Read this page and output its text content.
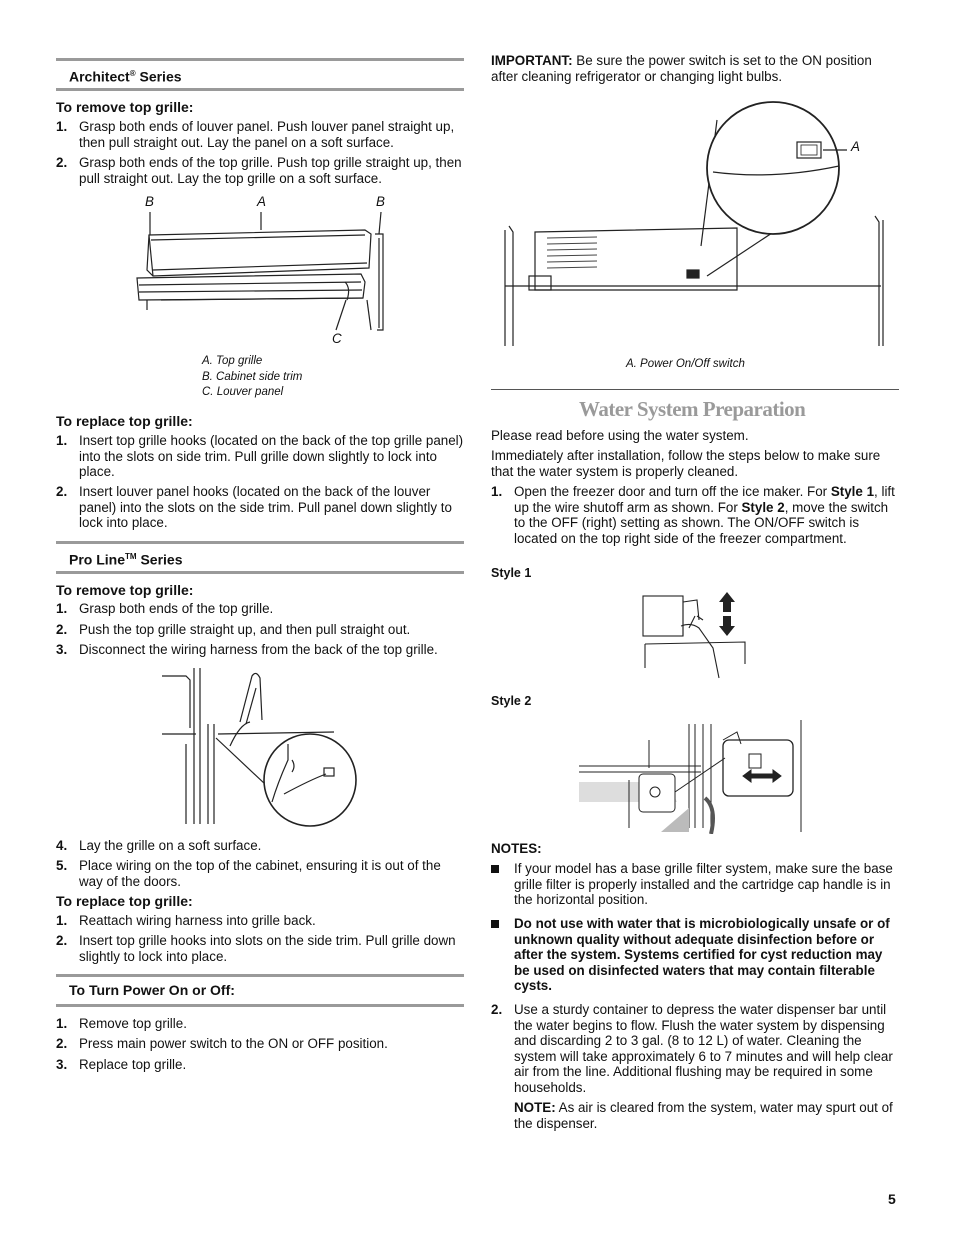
Architect® Series
To remove top grille:
1. Grasp both ends of louver panel. Push louver panel straight up, then pull straight out. Lay the panel on a soft surface.
2. Grasp both ends of the top grille. Push top grille straight up, then pull straight out. Lay the top grille on a soft surface.
B	A	B
C
A. Top grille
B. Cabinet side trim
C. Louver panel
To replace top grille:
1. Insert top grille hooks (located on the back of the top grille panel) into the slots on side trim. Pull grille down slightly to lock into place.
2. Insert louver panel hooks (located on the back of the louver panel) into the slots on the side trim. Pull panel down slightly to lock into place.
Pro Line™ Series
To remove top grille:
1. Grasp both ends of the top grille.
2. Push the top grille straight up, and then pull straight out.
3. Disconnect the wiring harness from the back of the top grille.
4. Lay the grille on a soft surface.
5. Place wiring on the top of the cabinet, ensuring it is out of the way of the doors.
To replace top grille:
1. Reattach wiring harness into grille back.
2. Insert top grille hooks into slots on the side trim. Pull grille down slightly to lock into place.
To Turn Power On or Off:
1. Remove top grille.
2. Press main power switch to the ON or OFF position.
3. Replace top grille.
IMPORTANT: Be sure the power switch is set to the ON position after cleaning refrigerator or changing light bulbs.
A
A. Power On/Off switch
Water System Preparation
Please read before using the water system.
Immediately after installation, follow the steps below to make sure that the water system is properly cleaned.
1. Open the freezer door and turn off the ice maker. For Style 1, lift up the wire shutoff arm as shown. For Style 2, move the switch to the OFF (right) setting as shown. The ON/OFF switch is located on the top right side of the freezer compartment.
Style 1
Style 2
NOTES:
If your model has a base grille filter system, make sure the base grille filter is properly installed and the cartridge cap handle is in the horizontal position.
Do not use with water that is microbiologically unsafe or of unknown quality without adequate disinfection before or after the system. Systems certified for cyst reduction may be used on disinfected waters that may contain filterable cysts.
2. Use a sturdy container to depress the water dispenser bar until the water begins to flow. Flush the water system by dispensing and discarding 2 to 3 gal. (8 to 12 L) of water. Cleaning the system will take approximately 6 to 7 minutes and will help clear air from the line. Additional flushing may be required in some households.
NOTE: As air is cleared from the system, water may spurt out of the dispenser.
5
